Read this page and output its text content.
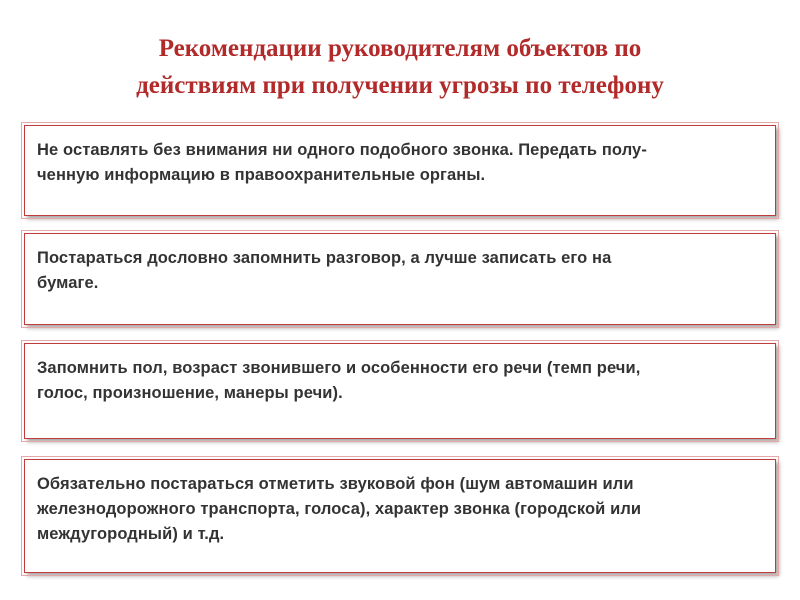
Рекомендации руководителям объектов по
действиям при получении угрозы по телефону

Не оставлять без внимания ни одного подобного звонка. Передать полу-
ченную информацию в правоохранительные органы.

Постараться дословно запомнить разговор, а лучше записать его на
бумаге.

Запомнить пол, возраст звонившего и особенности его речи (темп речи,
голос, произношение, манеры речи).

Обязательно постараться отметить звуковой фон (шум автомашин или
железнодорожного транспорта, голоса), характер звонка (городской или
междугородный) и т.д.
